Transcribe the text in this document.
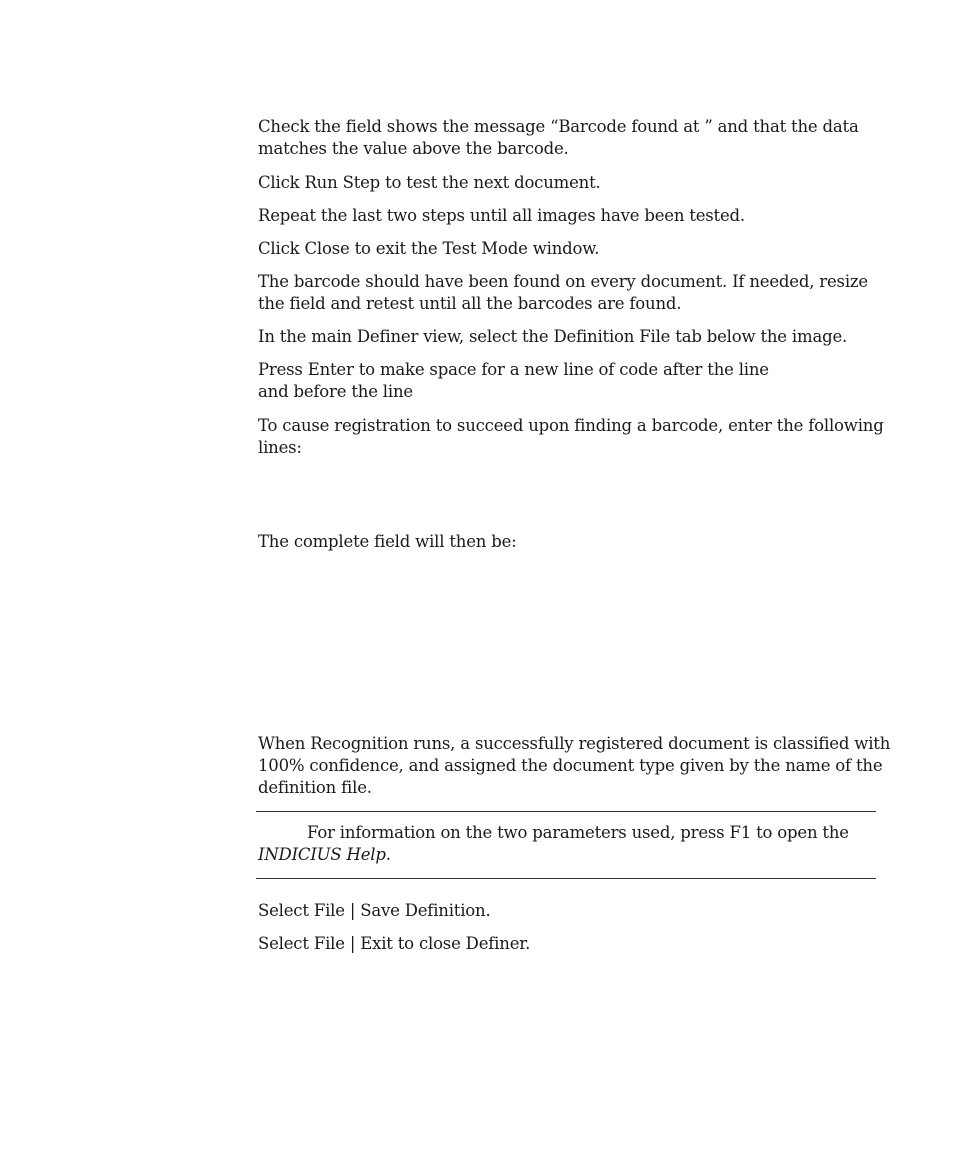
Check the field shows the message “Barcode found at ” and that the data
matches the value above the barcode.
Click Run Step to test the next document.
Repeat the last two steps until all images have been tested.
Click Close to exit the Test Mode window.
The barcode should have been found on every document. If needed, resize
the field and retest until all the barcodes are found.
In the main Definer view, select the Definition File tab below the image.
Press Enter to make space for a new line of code after the line
and before the line
To cause registration to succeed upon finding a barcode, enter the following
lines:
The complete field will then be:
When Recognition runs, a successfully registered document is classified with
100% confidence, and assigned the document type given by the name of the
definition file.
For information on the two parameters used, press F1 to open the
INDICIUS Help.
Select File | Save Definition.
Select File | Exit to close Definer.
